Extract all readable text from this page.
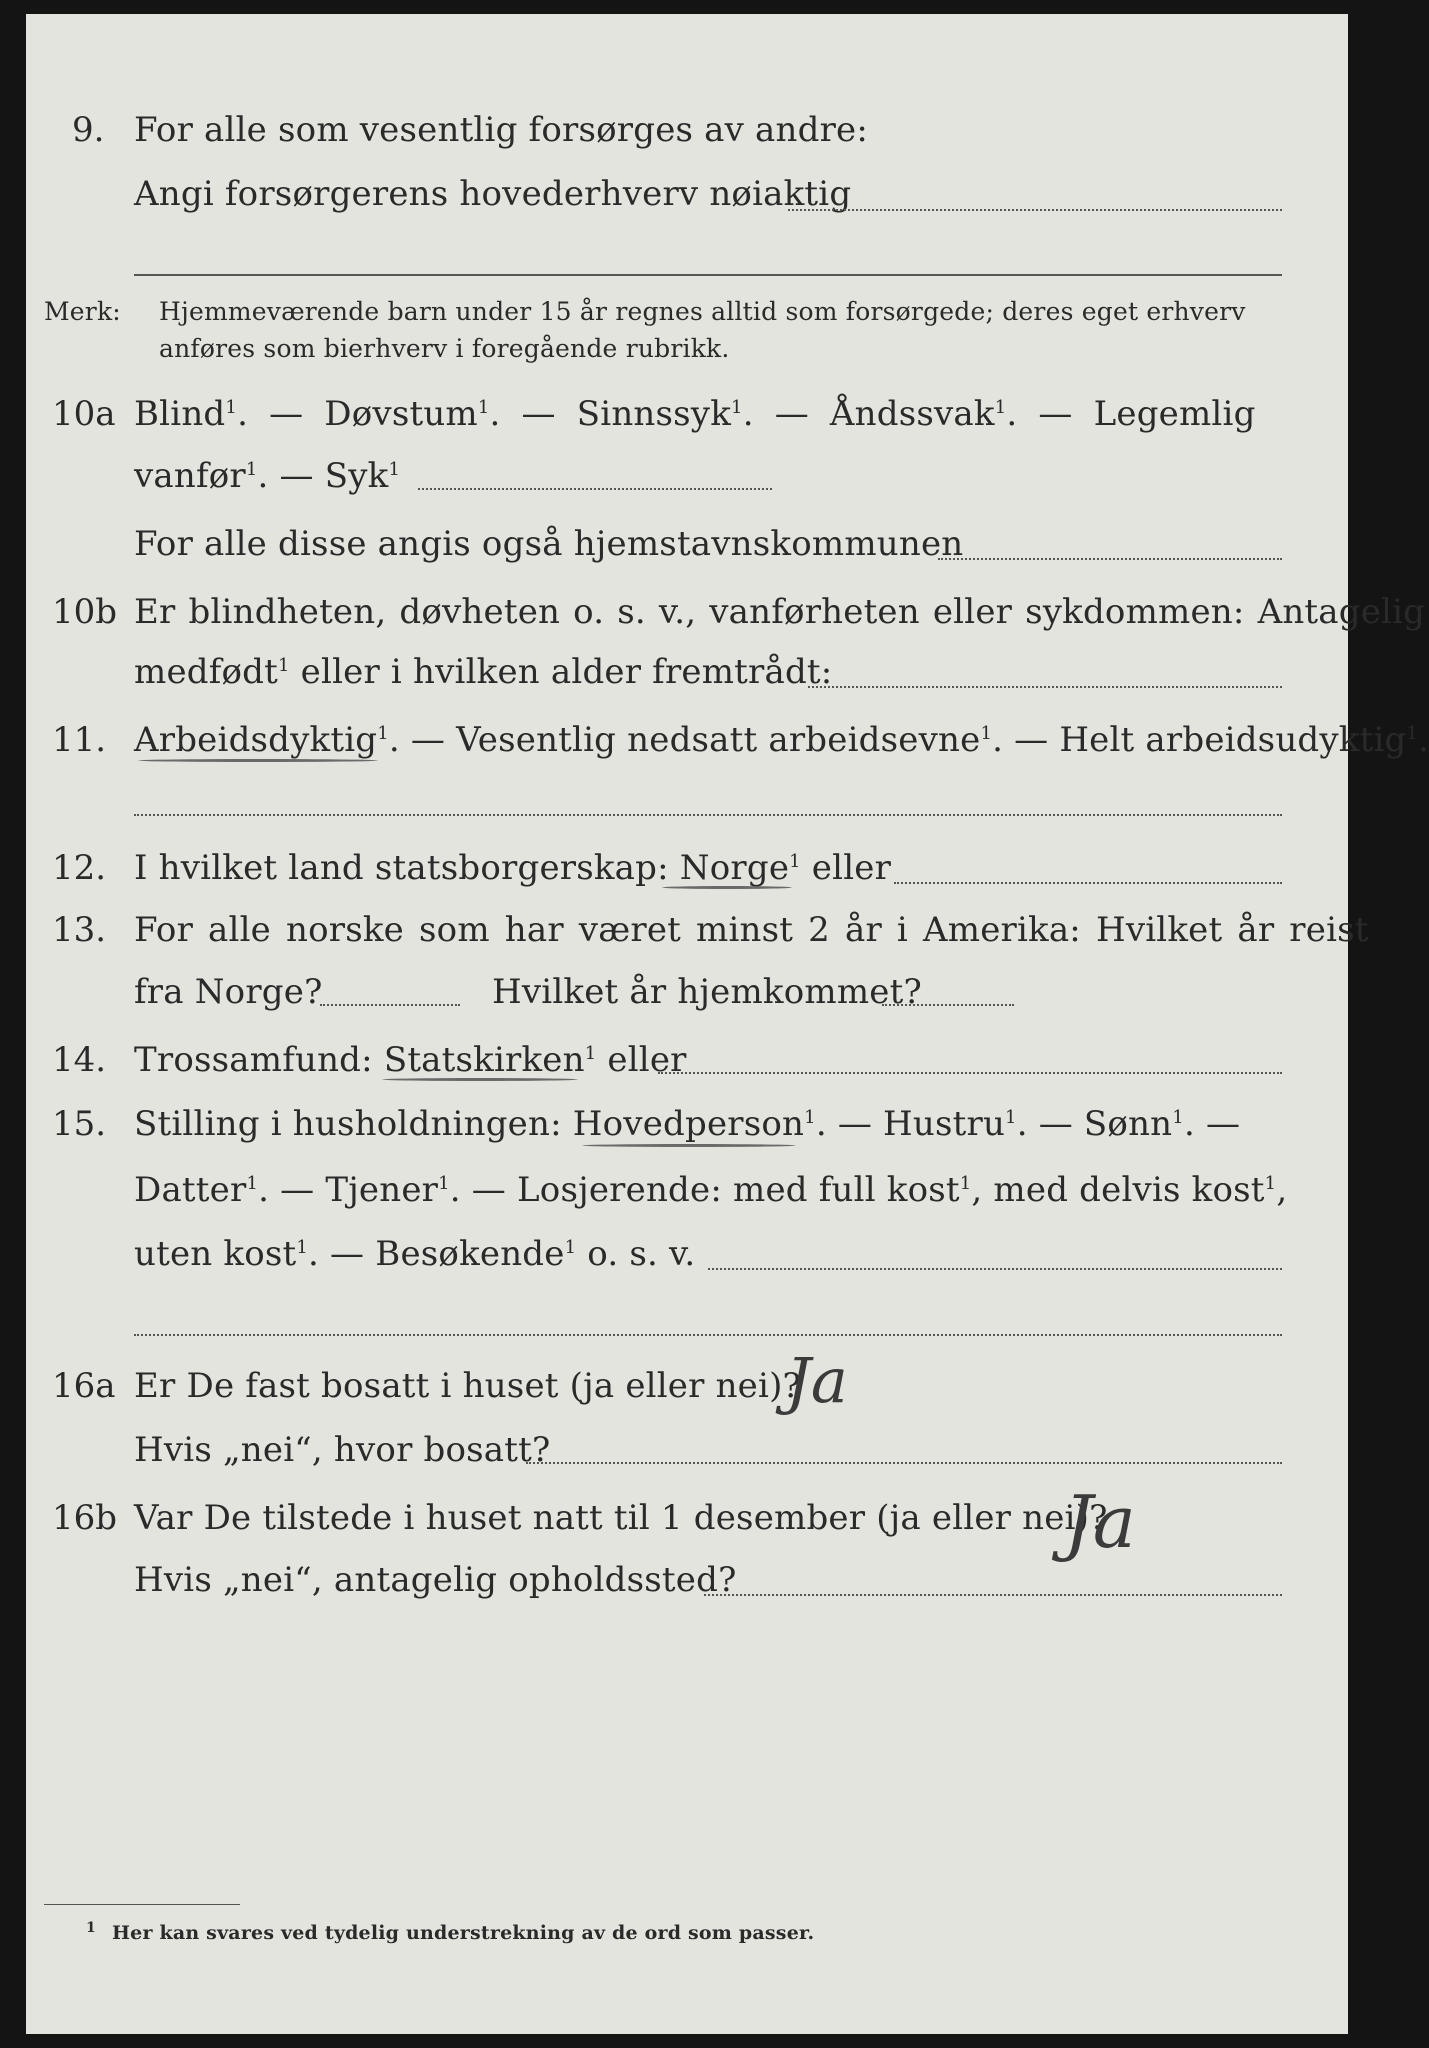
9. For alle som vesentlig forsørges av andre:
Angi forsørgerens hovederhverv nøiaktig
Merk: Hjemmeværende barn under 15 år regnes alltid som forsørgede; deres eget erhverv
anføres som bierhverv i foregående rubrikk.
10a Blind$^1$. — Døvstum$^1$. — Sinnssyk$^1$. — Åndssvak$^1$. — Legemlig
vanfør$^1$. — Syk$^1$
For alle disse angis også hjemstavnskommunen
10b Er blindheten, døvheten o. s. v., vanførheten eller sykdommen: Antagelig
medfødt$^1$ eller i hvilken alder fremtrådt:
11. Arbeidsdyktig$^1$. — Vesentlig nedsatt arbeidsevne$^1$. — Helt arbeidsudyktig$^1$.
12. I hvilket land statsborgerskap: Norge$^1$ eller
13. For alle norske som har været minst 2 år i Amerika: Hvilket år reist
fra Norge?	Hvilket år hjemkommet?
14. Trossamfund: Statskirken$^1$ eller
15. Stilling i husholdningen: Hovedperson$^1$. — Hustru$^1$. — Sønn$^1$. —
Datter$^1$. — Tjener$^1$. — Losjerende: med full kost$^1$, med delvis kost$^1$,
uten kost$^1$. — Besøkende$^1$ o. s. v.
16a Er De fast bosatt i huset (ja eller nei)?
Ja
Hvis „nei“, hvor bosatt?
16b Var De tilstede i huset natt til 1 desember (ja eller nei)?
Ja
Hvis „nei“, antagelig opholdssted?
1 Her kan svares ved tydelig understrekning av de ord som passer.
